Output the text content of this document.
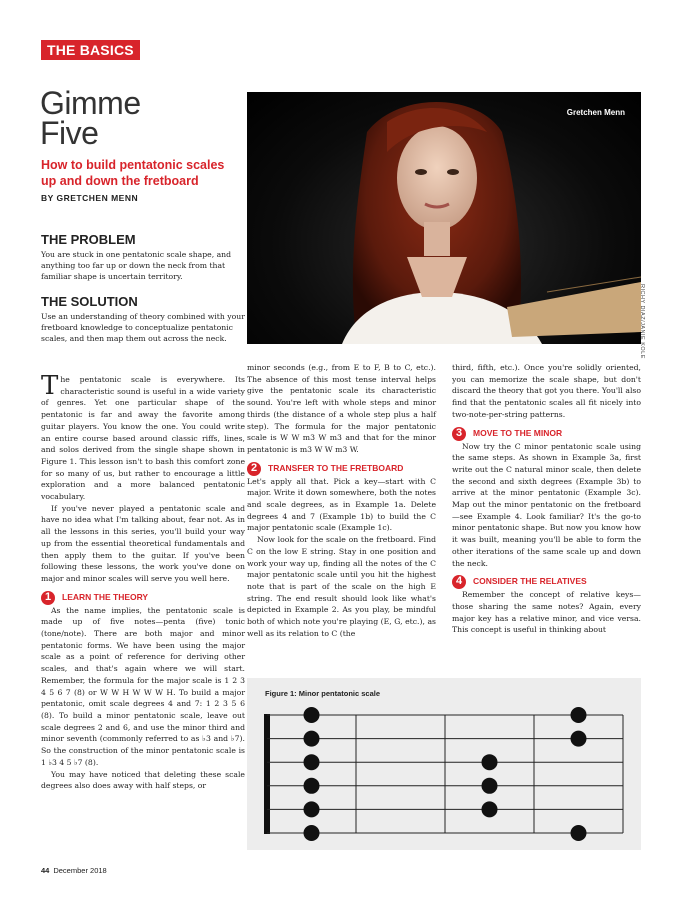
THE BASICS
Gimme
Five
How to build pentatonic scales up and down the fretboard
BY GRETCHEN MENN
THE PROBLEM
You are stuck in one pentatonic scale shape, and anything too far up or down the neck from that familiar shape is uncertain territory.
THE SOLUTION
Use an understanding of theory combined with your fretboard knowledge to conceptualize pentatonic scales, and then map them out across the neck.
Gretchen Menn
RICHY DIAZ/JANIE KOLE

The pentatonic scale is everywhere. Its characteristic sound is useful in a wide variety of genres. Yet one particular shape of the pentatonic is far and away the favorite among guitar players. You know the one. You could write an entire course based around classic riffs, lines, and solos derived from the single shape shown in Figure 1. This lesson isn't to bash this comfort zone for so many of us, but rather to encourage a little exploration and a more balanced pentatonic vocabulary.

If you've never played a pentatonic scale and have no idea what I'm talking about, fear not. As in all the lessons in this series, you'll build your way up from the essential theoretical fundamentals and then apply them to the guitar. If you've been following these lessons, the work you've done on major and minor scales will serve you well here.

1	LEARN THE THEORY

As the name implies, the pentatonic scale is made up of five notes—penta (five) tonic (tone/note). There are both major and minor pentatonic forms. We have been using the major scale as a point of reference for deriving other scales, and that's again where we will start. Remember, the formula for the major scale is 1 2 3 4 5 6 7 (8) or W W H W W W H. To build a major pentatonic, omit scale degrees 4 and 7: 1 2 3 5 6 (8). To build a minor pentatonic scale, leave out scale degrees 2 and 6, and use the minor third and minor seventh (commonly referred to as ♭3 and ♭7). So the construction of the minor pentatonic scale is 1 ♭3 4 5 ♭7 (8).

You may have noticed that deleting these scale degrees also does away with half steps, or

minor seconds (e.g., from E to F, B to C, etc.). The absence of this most tense interval helps give the pentatonic scale its characteristic sound. You're left with whole steps and minor thirds (the distance of a whole step plus a half step). The formula for the major pentatonic scale is W W m3 W m3 and that for the minor pentatonic is m3 W W m3 W.

2	TRANSFER TO THE FRETBOARD

Let's apply all that. Pick a key—start with C major. Write it down somewhere, both the notes and scale degrees, as in Example 1a. Delete degrees 4 and 7 (Example 1b) to build the C major pentatonic scale (Example 1c).

Now look for the scale on the fretboard. Find C on the low E string. Stay in one position and work your way up, finding all the notes of the C major pentatonic scale until you hit the highest note that is part of the scale on the high E string. The end result should look like what's depicted in Example 2. As you play, be mindful both of which note you're playing (E, G, etc.), as well as its relation to C (the

third, fifth, etc.). Once you're solidly oriented, you can memorize the scale shape, but don't discard the theory that got you there. You'll also find that the pentatonic scales all fit nicely into two-note-per-string patterns.

3	MOVE TO THE MINOR

Now try the C minor pentatonic scale using the same steps. As shown in Example 3a, first write out the C natural minor scale, then delete the second and sixth degrees (Example 3b) to arrive at the minor pentatonic (Example 3c). Map out the minor pentatonic on the fretboard—see Example 4. Look familiar? It's the go-to minor pentatonic shape. But now you know how it was built, meaning you'll be able to form the other iterations of the same scale up and down the neck.

4	CONSIDER THE RELATIVES

Remember the concept of relative keys—those sharing the same notes? Again, every major key has a relative minor, and vice versa. This concept is useful in thinking about

Figure 1: Minor pentatonic scale
44 December 2018
